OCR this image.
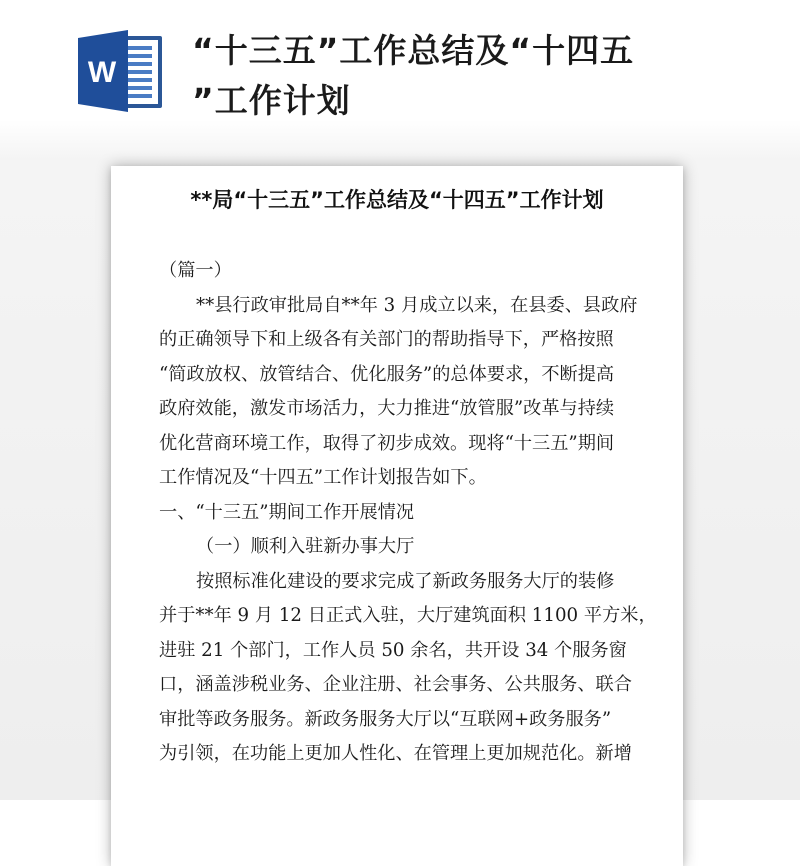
W
“十三五”工作总结及“十四五
”工作计划
**局“十三五”工作总结及“十四五”工作计划
（篇一）
**县行政审批局自**年 3 月成立以来，在县委、县政府
的正确领导下和上级各有关部门的帮助指导下，严格按照
“简政放权、放管结合、优化服务”的总体要求，不断提高
政府效能，激发市场活力，大力推进“放管服”改革与持续
优化营商环境工作，取得了初步成效。现将“十三五”期间
工作情况及“十四五”工作计划报告如下。
一、“十三五”期间工作开展情况
（一）顺利入驻新办事大厅
按照标准化建设的要求完成了新政务服务大厅的装修
并于**年 9 月 12 日正式入驻，大厅建筑面积 1100 平方米，
进驻 21 个部门，工作人员 50 余名，共开设 34 个服务窗
口，涵盖涉税业务、企业注册、社会事务、公共服务、联合
审批等政务服务。新政务服务大厅以“互联网+政务服务”
为引领，在功能上更加人性化、在管理上更加规范化。新增
